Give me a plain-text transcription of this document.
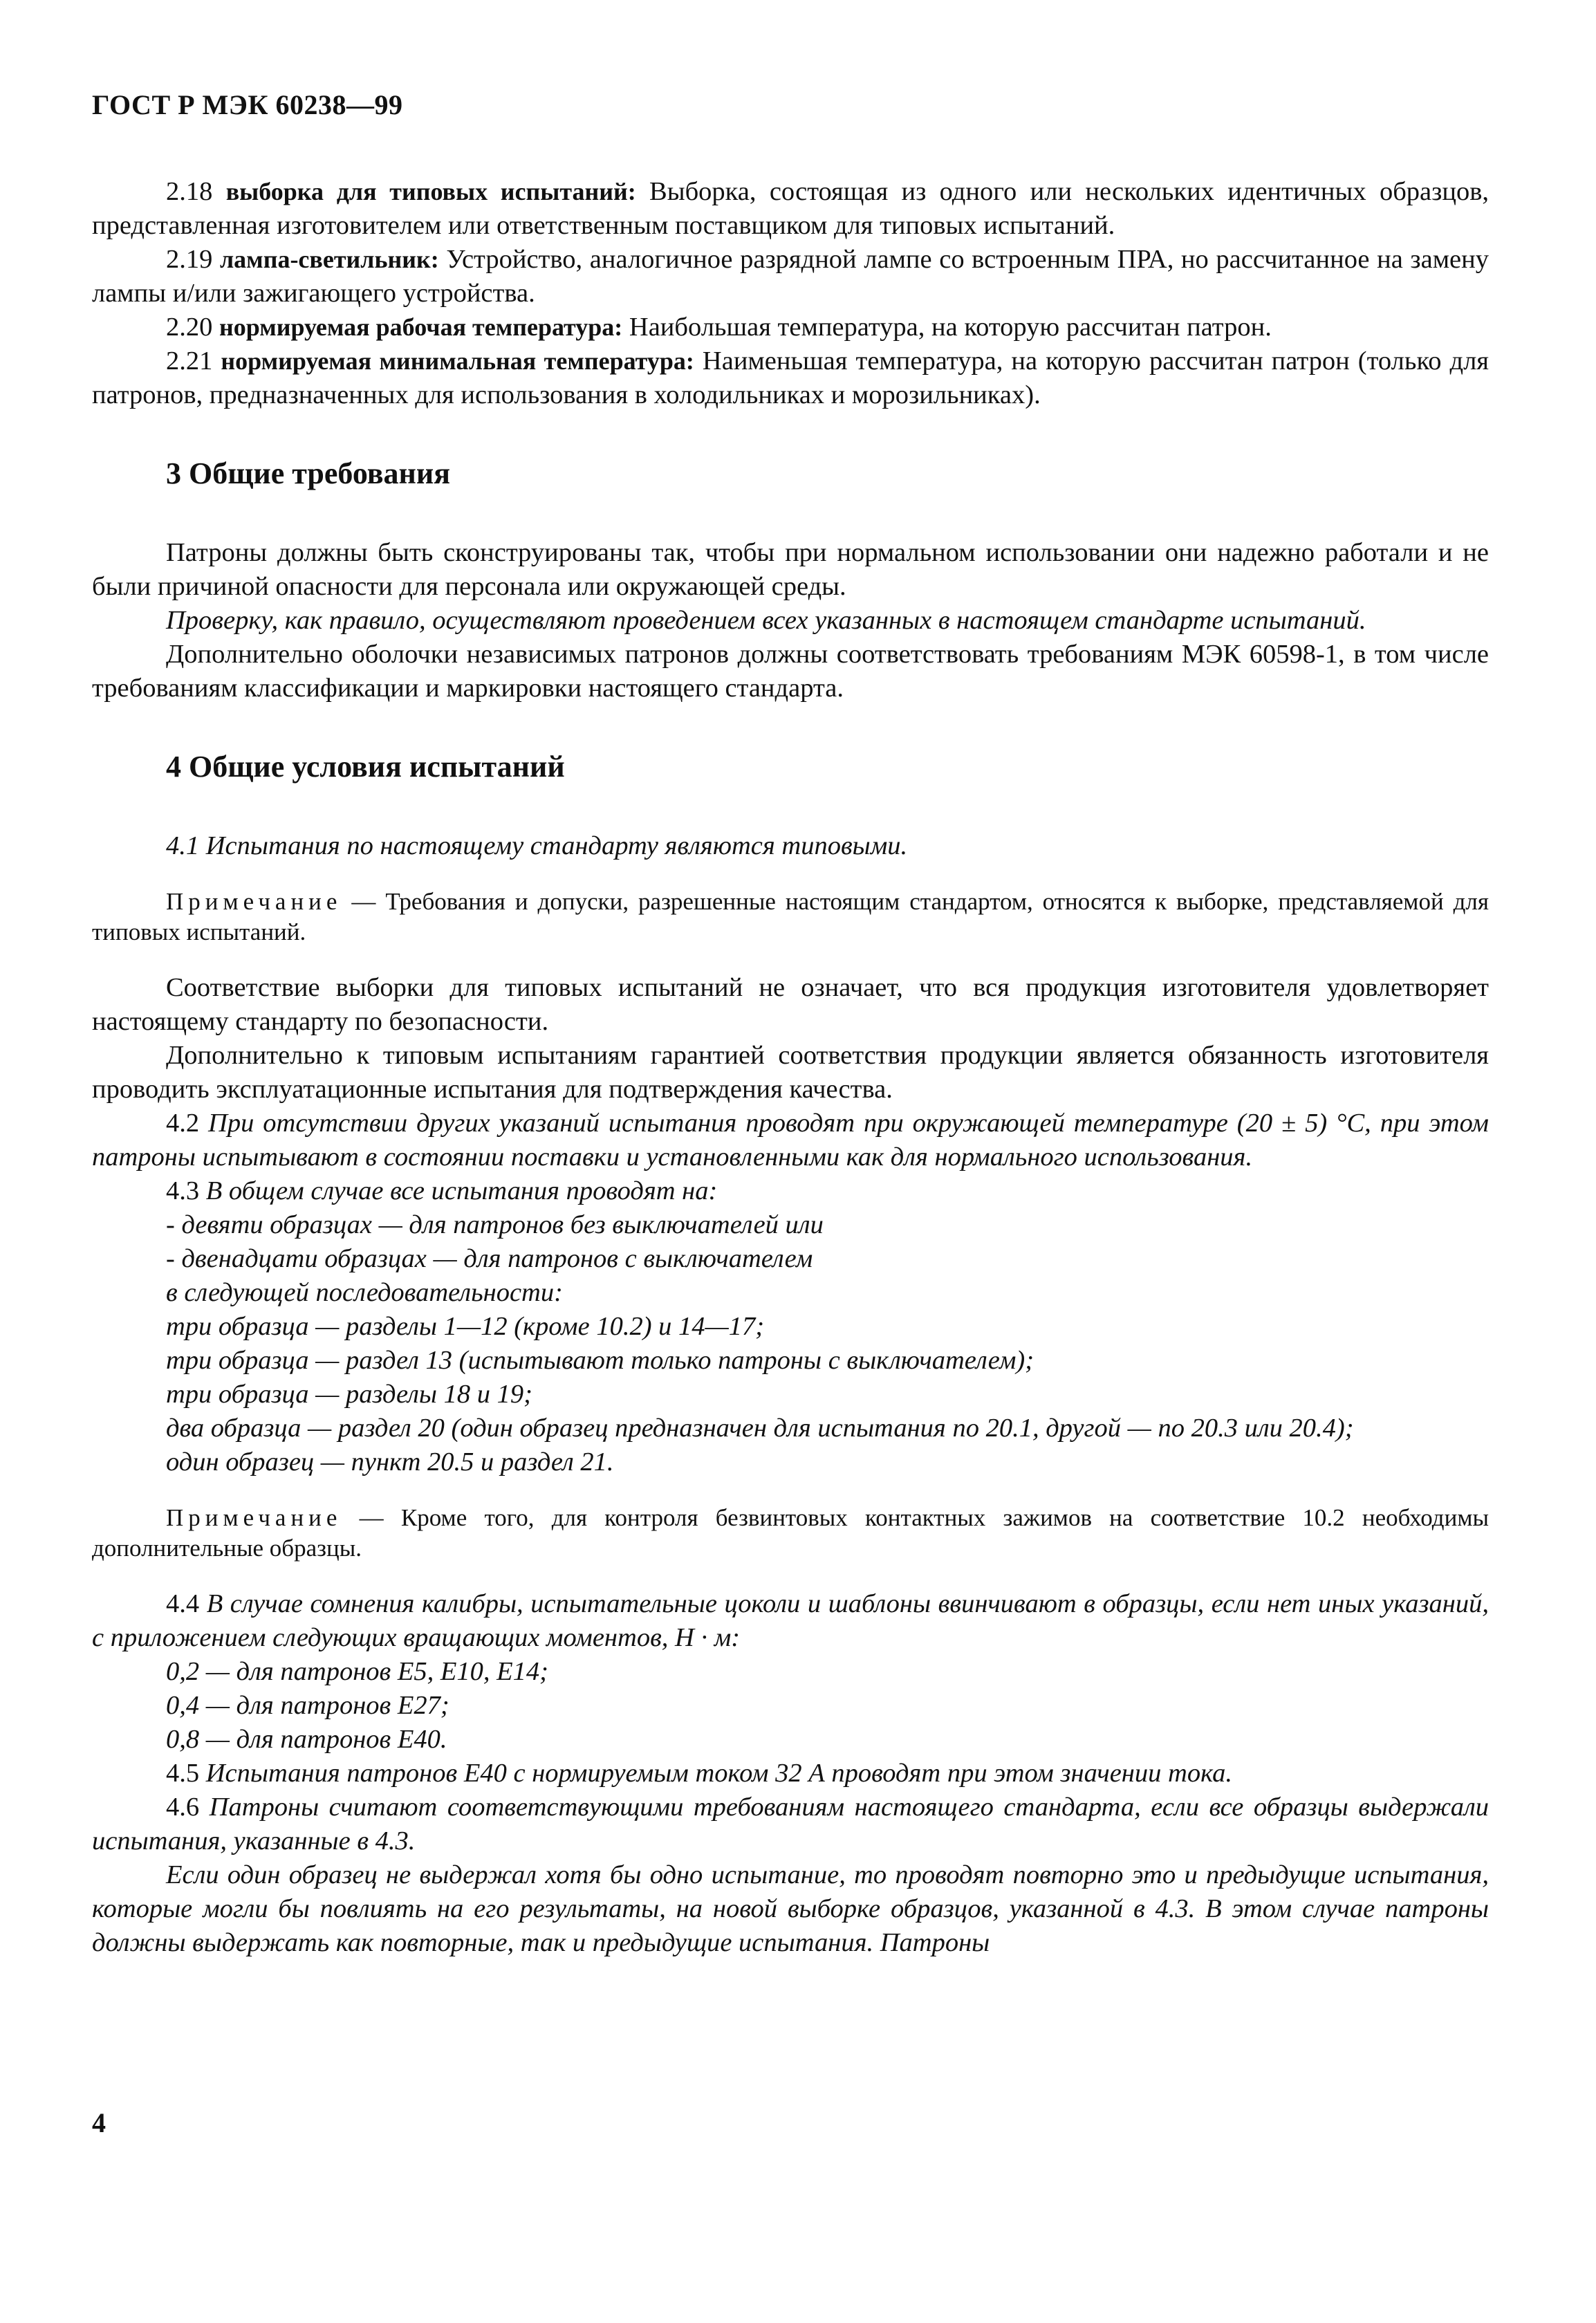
ГОСТ Р МЭК 60238—99

2.18 выборка для типовых испытаний: Выборка, состоящая из одного или нескольких идентичных образцов, представленная изготовителем или ответственным поставщиком для типовых испытаний.

2.19 лампа-светильник: Устройство, аналогичное разрядной лампе со встроенным ПРА, но рассчитанное на замену лампы и/или зажигающего устройства.

2.20 нормируемая рабочая температура: Наибольшая температура, на которую рассчитан патрон.

2.21 нормируемая минимальная температура: Наименьшая температура, на которую рассчитан патрон (только для патронов, предназначенных для использования в холодильниках и морозильниках).

3 Общие требования

Патроны должны быть сконструированы так, чтобы при нормальном использовании они надежно работали и не были причиной опасности для персонала или окружающей среды.

Проверку, как правило, осуществляют проведением всех указанных в настоящем стандарте испытаний.

Дополнительно оболочки независимых патронов должны соответствовать требованиям МЭК 60598-1, в том числе требованиям классификации и маркировки настоящего стандарта.

4 Общие условия испытаний

4.1 Испытания по настоящему стандарту являются типовыми.

Примечание — Требования и допуски, разрешенные настоящим стандартом, относятся к выборке, представляемой для типовых испытаний.

Соответствие выборки для типовых испытаний не означает, что вся продукция изготовителя удовлетворяет настоящему стандарту по безопасности.

Дополнительно к типовым испытаниям гарантией соответствия продукции является обязанность изготовителя проводить эксплуатационные испытания для подтверждения качества.

4.2 При отсутствии других указаний испытания проводят при окружающей температуре (20 ± 5) °С, при этом патроны испытывают в состоянии поставки и установленными как для нормального использования.

4.3 В общем случае все испытания проводят на:

- девяти образцах — для патронов без выключателей или

- двенадцати образцах — для патронов с выключателем

в следующей последовательности:

три образца — разделы 1—12 (кроме 10.2) и 14—17;

три образца — раздел 13 (испытывают только патроны с выключателем);

три образца — разделы 18 и 19;

два образца — раздел 20 (один образец предназначен для испытания по 20.1, другой — по 20.3 или 20.4);

один образец — пункт 20.5 и раздел 21.

Примечание — Кроме того, для контроля безвинтовых контактных зажимов на соответствие 10.2 необходимы дополнительные образцы.

4.4 В случае сомнения калибры, испытательные цоколи и шаблоны ввинчивают в образцы, если нет иных указаний, с приложением следующих вращающих моментов, Н · м:

0,2 — для патронов Е5, Е10, Е14;

0,4 — для патронов Е27;

0,8 — для патронов Е40.

4.5 Испытания патронов Е40 с нормируемым током 32 А проводят при этом значении тока.

4.6 Патроны считают соответствующими требованиям настоящего стандарта, если все образцы выдержали испытания, указанные в 4.3.

Если один образец не выдержал хотя бы одно испытание, то проводят повторно это и предыдущие испытания, которые могли бы повлиять на его результаты, на новой выборке образцов, указанной в 4.3. В этом случае патроны должны выдержать как повторные, так и предыдущие испытания. Патроны

4
